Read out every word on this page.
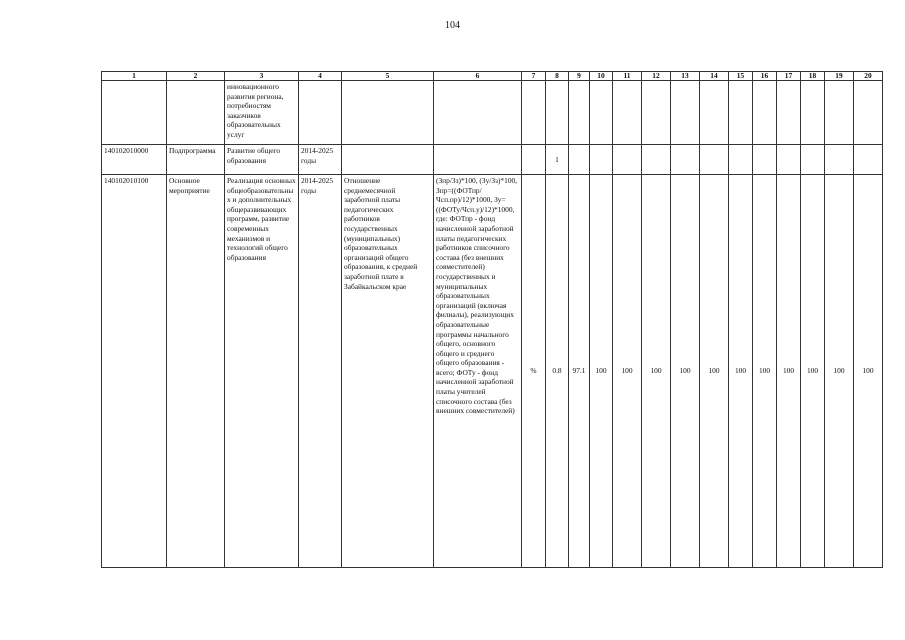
104
1	2	3	4	5	6	7	8	9	10	11	12	13	14	15	16	17	18	19	20
		инновационного развития региона, потребностям заказчиков образовательных услуг																	
140102010000	Подпрограмма	Развитие общего образования	2014-2025 годы				1												
140102010100	Основное мероприятие	Реализация основных общеобразовательных и дополнительных общеразвивающих программ, развитие современных механизмов и технологий общего образования	2014-2025 годы	Отношение среднемесячной заработной платы педагогических работников государственных (муниципальных) образовательных организаций общего образования, к средней заработной плате в Забайкальском крае	(Зпр/Зз)*100, (Зу/Зз)*100, Зпр=((ФОТпр/Чсп.пр)/12)*1000, Зу=((ФОТу/Чсп.у)/12)*1000, где: ФОТпр - фонд начисленной заработной платы педагогических работников списочного состава (без внешних совместителей) государственных и муниципальных образовательных организаций (включая филиалы), реализующих образовательные программы начального общего, основного общего и среднего общего образования - всего; ФОТу - фонд начисленной заработной платы учителей списочного состава (без внешних совместителей)	%	0.8	97.1	100	100	100	100	100	100	100	100	100	100	100
